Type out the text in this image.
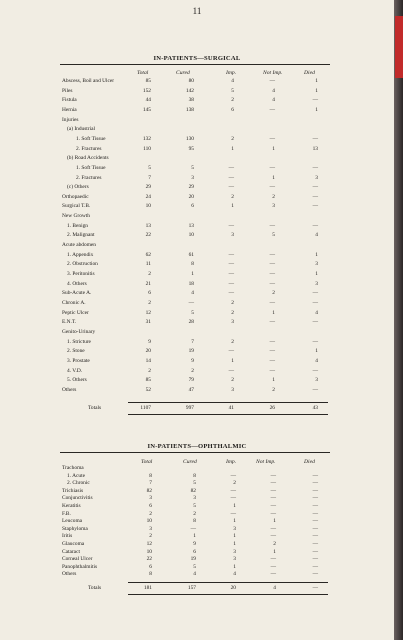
11
IN-PATIENTS—SURGICAL
Total	Cured	Imp.	Not Imp.	Died
Abscess, Boil and Ulcer	85	80	4	—	1
Piles	152	142	5	4	1
Fistula	44	38	2	4	—
Hernia	145	138	6	—	1
Injuries
(a) Industrial
1. Soft Tissue	132	130	2	—	—
2. Fractures	110	95	1	1	13
(b) Road Accidents
1. Soft Tissue	5	5	—	—	—
2. Fractures	7	3	—	1	3
(c) Others	29	29	—	—	—
Orthopaedic	24	20	2	2	—
Surgical T.B.	10	6	1	3	—
New Growth
1. Benign	13	13	—	—	—
2. Malignant	22	10	3	5	4
Acute abdomen
1. Appendix	62	61	—	—	1
2. Obstruction	11	8	—	—	3
3. Peritonitis	2	1	—	—	1
4. Others	21	18	—	—	3
Sub-Acute A.	6	4	—	2	—
Chronic A.	2	—	2	—	—
Peptic Ulcer	12	5	2	1	4
E.N.T.	31	28	3	—	—
Genito-Urinary
1. Stricture	9	7	2	—	—
2. Stone	20	19	—	—	1
3. Prostate	14	9	1	—	4
4. V.D.	2	2	—	—	—
5. Others	85	79	2	1	3
Others	52	47	3	2	—
Totals	1107	997	41	26	43
IN-PATIENTS—OPHTHALMIC
Total	Cured	Imp.	Not Imp.	Died
Trachoma
1. Acute	8	8	—	—	—
2. Chronic	7	5	2	—	—
Trichiasis	82	82	—	—	—
Conjunctivitis	3	3	—	—	—
Keratitis	6	5	1	—	—
F.B.	2	2	—	—	—
Leucoma	10	8	1	1	—
Staphyloma	3	—	3	—	—
Iritis	2	1	1	—	—
Glaucoma	12	9	1	2	—
Cataract	10	6	3	1	—
Corneal Ulcer	22	19	3	—	—
Panophthalmitis	6	5	1	—	—
Others	8	4	4	—	—
Totals	181	157	20	4	—
